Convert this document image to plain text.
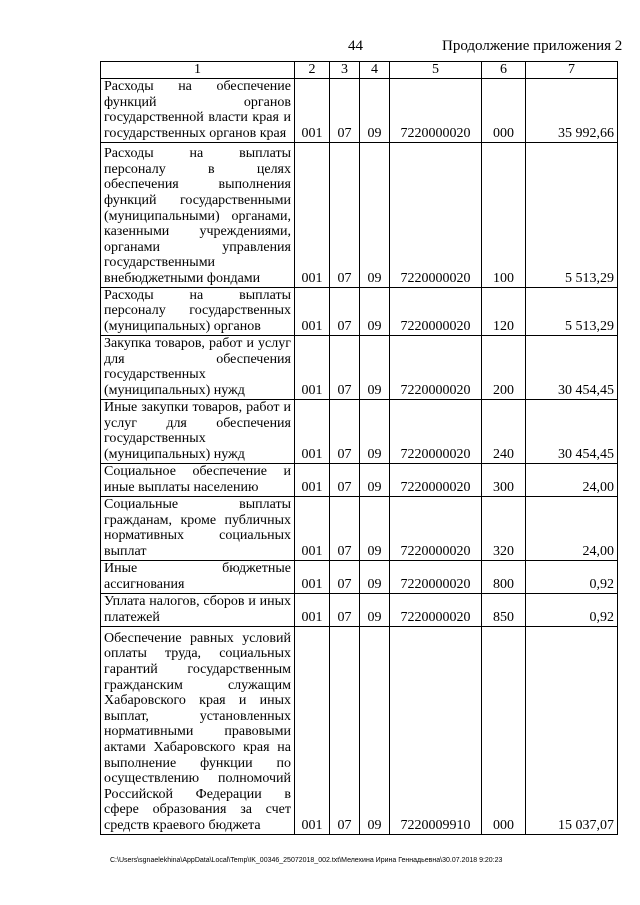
44	Продолжение приложения 2
1	2	3	4	5	6	7
Расходы на обеспечение функций органов государственной власти края и государственных органов края	001	07	09	7220000020	000	35 992,66
Расходы на выплаты персоналу в целях обеспечения выполнения функций государственными (муниципальными) органами, казенными учреждениями, органами управления государственными внебюджетными фондами	001	07	09	7220000020	100	5 513,29
Расходы на выплаты персоналу государственных (муниципальных) органов	001	07	09	7220000020	120	5 513,29
Закупка товаров, работ и услуг для обеспечения государственных (муниципальных) нужд	001	07	09	7220000020	200	30 454,45
Иные закупки товаров, работ и услуг для обеспечения государственных (муниципальных) нужд	001	07	09	7220000020	240	30 454,45
Социальное обеспечение и иные выплаты населению	001	07	09	7220000020	300	24,00
Социальные выплаты гражданам, кроме публичных нормативных социальных выплат	001	07	09	7220000020	320	24,00
Иные бюджетные ассигнования	001	07	09	7220000020	800	0,92
Уплата налогов, сборов и иных платежей	001	07	09	7220000020	850	0,92
Обеспечение равных условий оплаты труда, социальных гарантий государственным гражданским служащим Хабаровского края и иных выплат, установленных нормативными правовыми актами Хабаровского края на выполнение функции по осуществлению полномочий Российской Федерации в сфере образования за счет средств краевого бюджета	001	07	09	7220009910	000	15 037,07
C:\Users\sgnaelekhina\AppData\Local\Temp\IK_00346_25072018_002.txt\Мелехина Ирина Геннадьевна\30.07.2018 9:20:23
